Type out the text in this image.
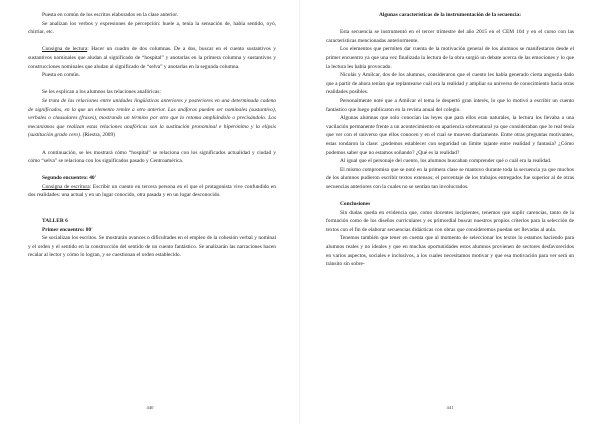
Puesta en común de los escritos elaborados en la clase anterior.

Se analizan los verbos y expresiones de percepción: huele a, tenía la sensación de, había sentido, oyó, chirriar, etc.

Consigna de lectura: Hacer un cuadro de dos columnas. De a dos, buscar en el cuento sustantivos y sustantivos nominales que aludan al significado de “hospital” y anotarlas en la primera columna y sustantivos y construcciones nominales que aludan al significado de “selva” y anotarlas en la segunda columna.

Puesta en común.

Se les explican a los alumnos las relaciones anafóricas:

Se trata de las relaciones entre unidades lingüísticas anteriores y posteriores en una determinada cadena de significados, en la que un elemento remite a otro anterior. Las anáforas pueden ser nominales (sustantivo), verbales o clausulares (frases), mostrando un término por otro que lo retoma ampliándolo o precisándolo. Los mecanismos que realizan estas relaciones anafóricas son la sustitución pronominal e hiperónimo y la elipsis (sustitución grado cero). (Riestra, 2009)

A continuación, se les mostrará cómo “hospital” se relaciona con los significados actualidad y ciudad y cómo “selva” se relaciona con los significados pasado y Centroamérica.

Segundo encuentro: 40'

Consigna de escritura: Escribir un cuento en tercera persona en el que el protagonista vive confundido en dos realidades: una actual y en un lugar conocido, otra pasada y en un lugar desconocido.

TALLER 6

Primer encuentro: 80'

Se socializan los escritos. Se mostrarán avances o dificultades en el empleo de la cohesión verbal y nominal y el orden y el sentido en la construcción del sentido de un cuento fantástico. Se analizarán las narraciones hacen recalar al lector y cómo lo logran, y se cuestionan el orden establecido.

440

Algunas características de la instrumentación de la secuencia:

Esta secuencia se instrumentó en el tercer trimestre del año 2015 en el CEM 104 y en el curso con las características mencionadas anteriormente.

Los elementos que permiten dar cuenta de la motivación general de los alumnos se manifestaron desde el primer encuentro ya que una vez finalizada la lectura de la obra surgió un debate acerca de las emociones y lo que la lectura les había provocado.

Nicolás y Amilcar, dos de los alumnos, consideraron que el cuento les había generado cierta angustia dado que a partir de ahora tenían que replantearse cuál era la realidad y ampliar su universo de conocimiento hacia otras realidades posibles.

Personalmente noté que a Amilcar el tema le despertó gran interés, lo que lo motivó a escribir un cuento fantástico que luego publicaron en la revista anual del colegio.

Algunas alumnas que solo conocían las leyes que para ellos eran naturales, la lectura los llevaba a una vacilación permanente frente a un acontecimiento en apariencia sobrenatural ya que consideraban que lo real tenía que ver con el universo que ellos conocen y en el cual se mueven diariamente. Entre otras preguntas motivantes, estas rondaron la clase: ¿podemos establecer con seguridad un límite tajante entre realidad y fantasía? ¿Cómo podemos saber que no estamos soñando? ¿Qué es la realidad?

Al igual que el personaje del cuento, los alumnos buscaban comprender qué o cuál era la realidad.

El mismo compromiso que se notó en la primera clase se mantuvo durante toda la secuencia ya que muchos de los alumnos pudieron escribir textos extensos; el porcentaje de los trabajos entregados fue superior al de otras secuencias anteriores con la cuales no se sentían tan involucrados.

Conclusiones

Sin dudas queda en evidencia que, como docentes incipientes, tenemos que suplir carencias, tanto de la formación como de los diseños curriculares y es primordial buscar nuestros propios criterios para la selección de textos con el fin de elaborar secuencias didácticas con obras que consideremos puedan ser llevadas al aula.

Tenemos también que tener en cuenta que al momento de seleccionar los textos lo estamos haciendo para alumnos reales y no ideales y que en muchas oportunidades estos alumnos provienen de sectores desfavorecidos en varios aspectos, sociales e inclusivos, a los cuales necesitamos motivar y que esa motivación para ver será un tránsito sin sobre-

441
